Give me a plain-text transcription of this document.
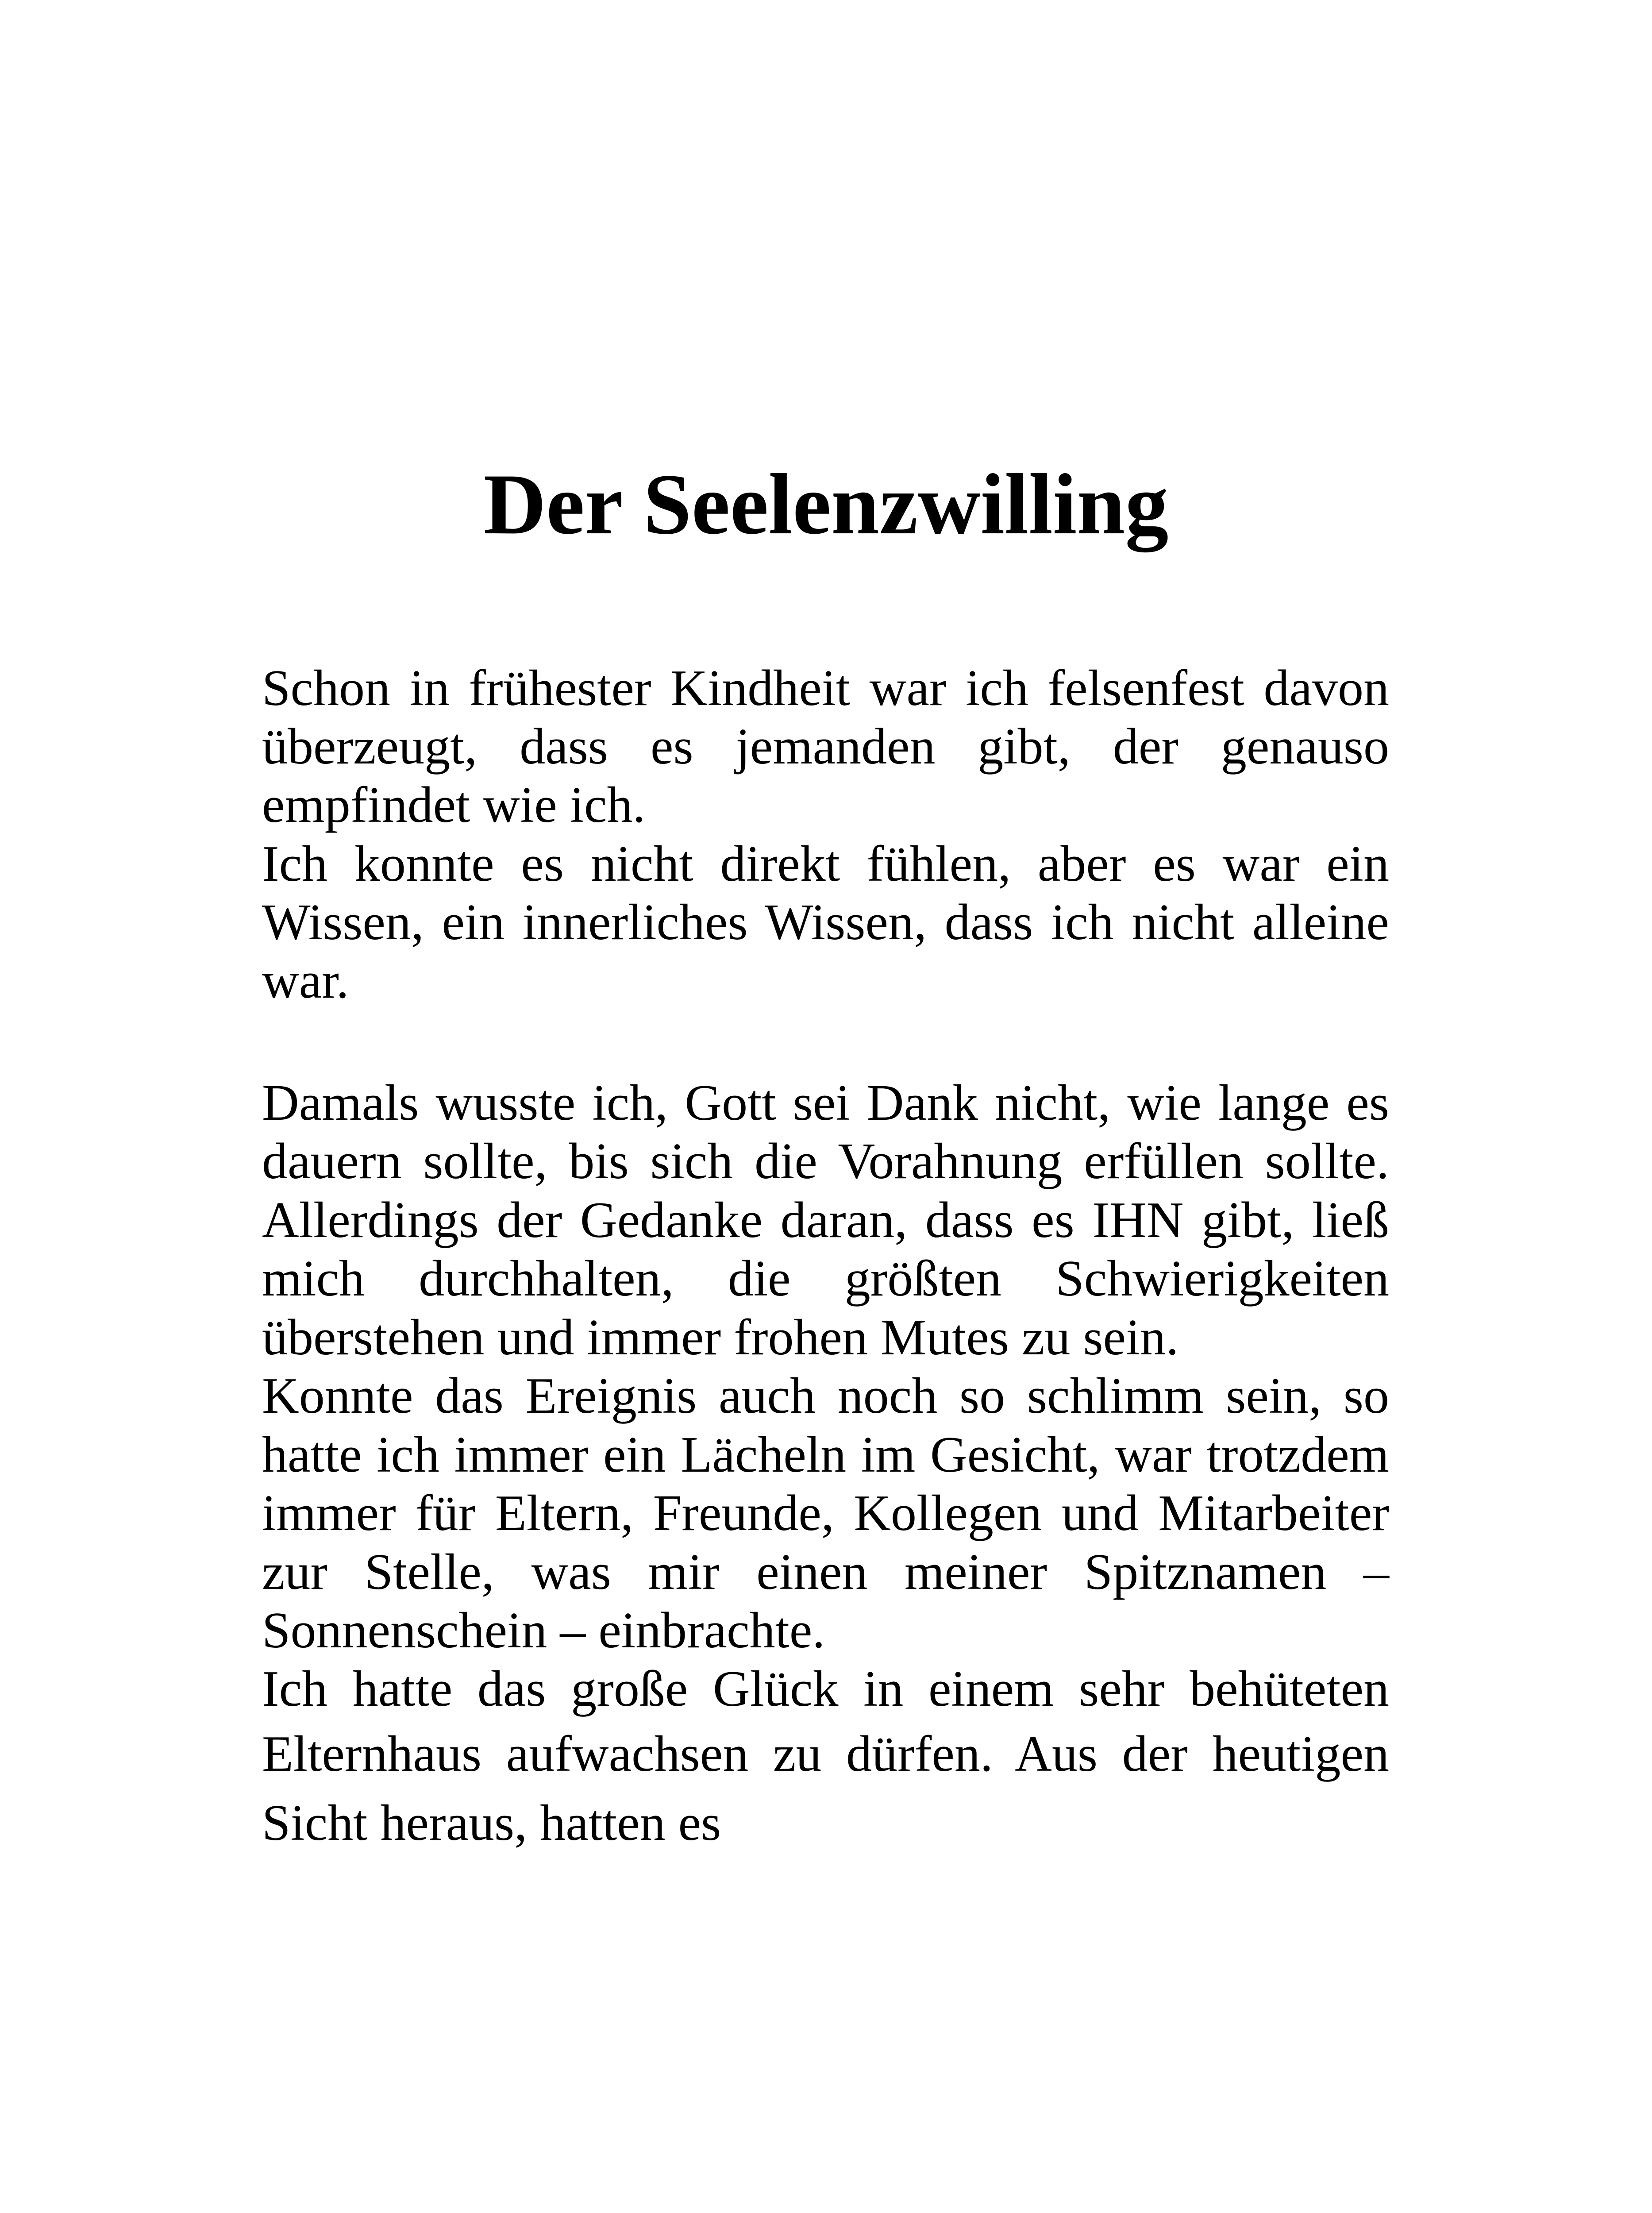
Der Seelenzwilling
Schon in frühester Kindheit war ich felsenfest davon
überzeugt, dass es jemanden gibt, der genauso
empfindet wie ich.
Ich konnte es nicht direkt fühlen, aber es war ein
Wissen, ein innerliches Wissen, dass ich nicht alleine
war.
Damals wusste ich, Gott sei Dank nicht, wie lange es
dauern sollte, bis sich die Vorahnung erfüllen sollte.
Allerdings der Gedanke daran, dass es IHN gibt, ließ
mich durchhalten, die größten Schwierigkeiten
überstehen und immer frohen Mutes zu sein.
Konnte das Ereignis auch noch so schlimm sein, so
hatte ich immer ein Lächeln im Gesicht, war trotzdem
immer für Eltern, Freunde, Kollegen und Mitarbeiter
zur Stelle, was mir einen meiner Spitznamen –
Sonnenschein – einbrachte.
Ich hatte das große Glück in einem sehr behüteten
Elternhaus aufwachsen zu dürfen. Aus der heutigen
Sicht heraus, hatten es
